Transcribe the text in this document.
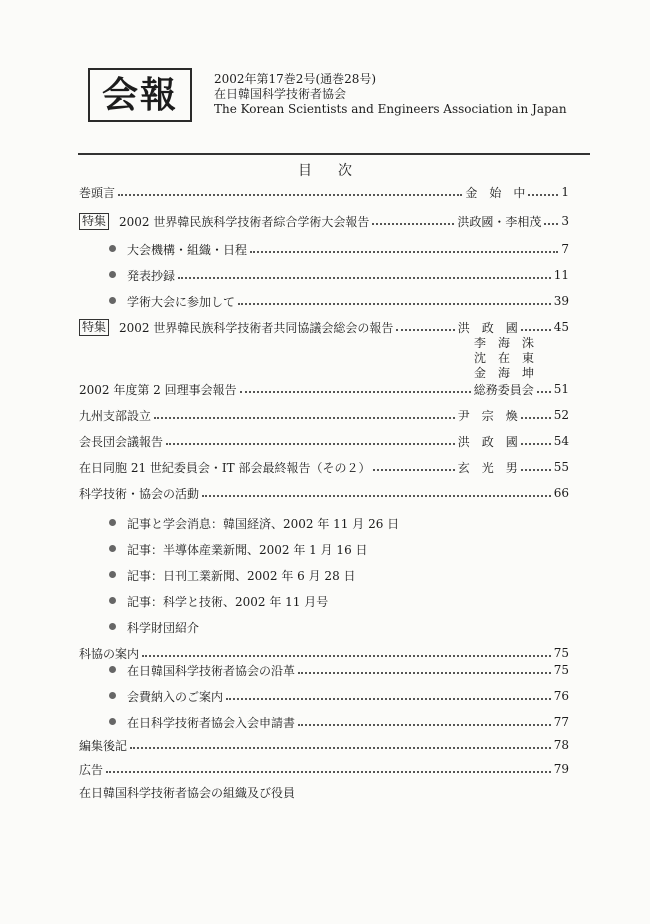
会報	2002年第17巻2号(通巻28号)
在日韓国科学技術者協会
The Korean Scientists and Engineers Association in Japan
目次
巻頭言	金　始　中	1
特集 2002 世界韓民族科学技術者綜合学術大会報告	洪政國・李相茂 3
大会機構・組織・日程	7
発表抄録	11
学術大会に参加して	39
特集 2002 世界韓民族科学技術者共同協議会総会の報告	洪　政　國	45
李　海　洙
沈　在　東
金　海　坤
2002 年度第 2 回理事会報告	総務委員会 51
九州支部設立	尹　宗　煥	52
会長団会議報告	洪　政　國	54
在日同胞 21 世紀委員会・IT 部会最終報告（その２）	玄　光　男	55
科学技術・協会の活動	66
記事と学会消息：韓国経済、2002 年 11 月 26 日
記事：半導体産業新聞、2002 年 1 月 16 日
記事：日刊工業新聞、2002 年 6 月 28 日
記事：科学と技術、2002 年 11 月号
科学財団紹介
科協の案内	75
在日韓国科学技術者協会の沿革	75
会費納入のご案内	76
在日科学技術者協会入会申請書	77
編集後記	78
広告	79
在日韓国科学技術者協会の組織及び役員
